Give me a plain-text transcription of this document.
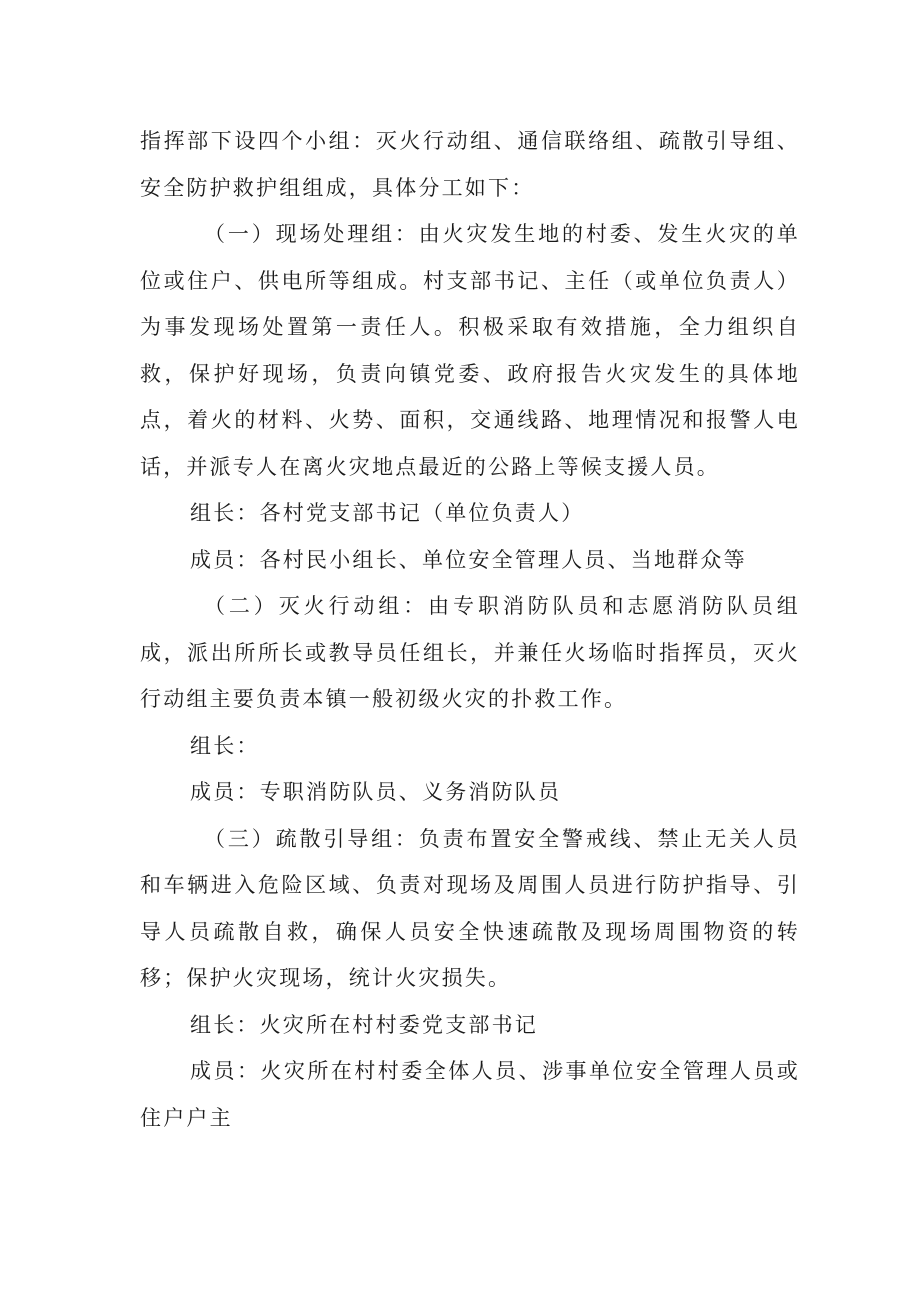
指挥部下设四个小组：灭火行动组、通信联络组、疏散引导组、安全防护救护组组成，具体分工如下：

（一）现场处理组：由火灾发生地的村委、发生火灾的单位或住户、供电所等组成。村支部书记、主任（或单位负责人）为事发现场处置第一责任人。积极采取有效措施，全力组织自救，保护好现场，负责向镇党委、政府报告火灾发生的具体地点，着火的材料、火势、面积，交通线路、地理情况和报警人电话，并派专人在离火灾地点最近的公路上等候支援人员。

组长：各村党支部书记（单位负责人）

成员：各村民小组长、单位安全管理人员、当地群众等

（二）灭火行动组：由专职消防队员和志愿消防队员组成，派出所所长或教导员任组长，并兼任火场临时指挥员，灭火行动组主要负责本镇一般初级火灾的扑救工作。

组长：

成员：专职消防队员、义务消防队员

（三）疏散引导组：负责布置安全警戒线、禁止无关人员和车辆进入危险区域、负责对现场及周围人员进行防护指导、引导人员疏散自救，确保人员安全快速疏散及现场周围物资的转移；保护火灾现场，统计火灾损失。

组长：火灾所在村村委党支部书记

成员：火灾所在村村委全体人员、涉事单位安全管理人员或住户户主
